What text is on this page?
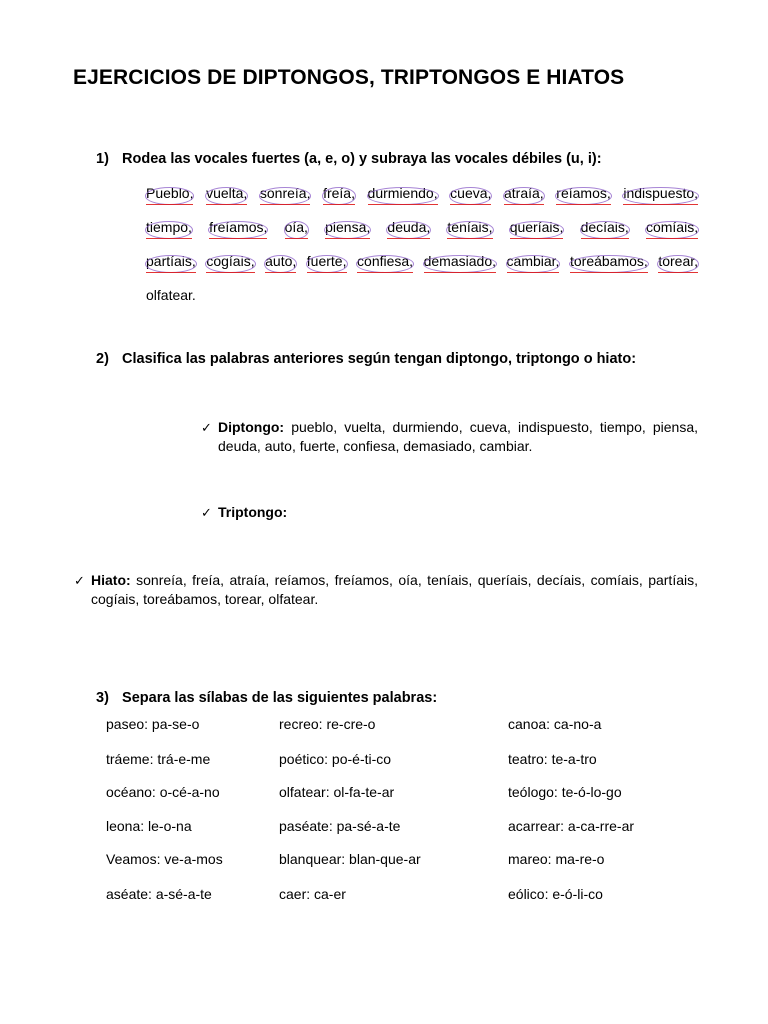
EJERCICIOS DE DIPTONGOS, TRIPTONGOS E HIATOS
1) Rodea las vocales fuertes (a, e, o) y subraya las vocales débiles (u, i):
Pueblo, vuelta, sonreía, freía, durmiendo, cueva, atraía, reíamos, indispuesto,
tiempo, freíamos, oía, piensa, deuda, teníais, queríais, decíais, comíais,
partíais, cogíais, auto, fuerte, confiesa, demasiado, cambiar, toreábamos, torear,
olfatear.
2) Clasifica las palabras anteriores según tengan diptongo, triptongo o hiato:
✓ Diptongo: pueblo, vuelta, durmiendo, cueva, indispuesto, tiempo, piensa, deuda, auto, fuerte, confiesa, demasiado, cambiar.
✓ Triptongo:
✓ Hiato: sonreía, freía, atraía, reíamos, freíamos, oía, teníais, queríais, decíais, comíais, partíais, cogíais, toreábamos, torear, olfatear.
3) Separa las sílabas de las siguientes palabras:
paseo: pa-se-o	recreo: re-cre-o	canoa: ca-no-a
tráeme: trá-e-me	poético: po-é-ti-co	teatro: te-a-tro
océano: o-cé-a-no	olfatear: ol-fa-te-ar	teólogo: te-ó-lo-go
leona: le-o-na	paséate: pa-sé-a-te	acarrear: a-ca-rre-ar
Veamos: ve-a-mos	blanquear: blan-que-ar	mareo: ma-re-o
aséate: a-sé-a-te	caer: ca-er	eólico: e-ó-li-co
